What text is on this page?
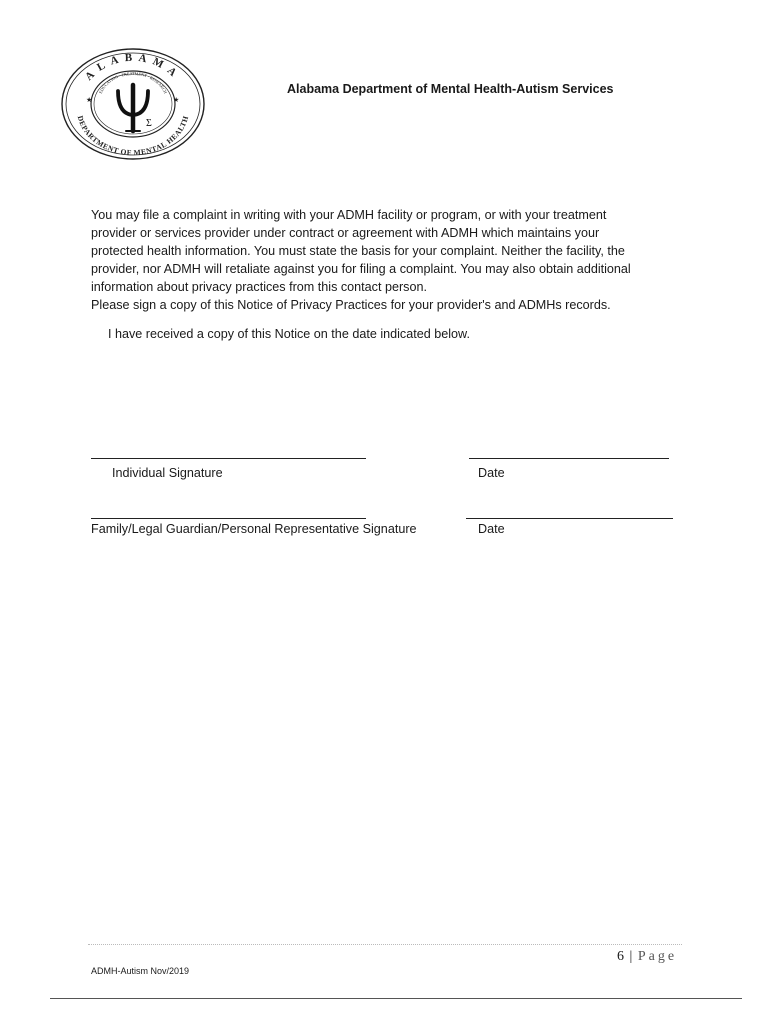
ALABAMA
DEPARTMENT OF MENTAL HEALTH
EDUCATION · TREATMENT · RESEARCH
Σ
★	★
Alabama Department of Mental Health-Autism Services
You may file a complaint in writing with your ADMH facility or program, or with your treatment
provider or services provider under contract or agreement with ADMH which maintains your
protected health information. You must state the basis for your complaint. Neither the facility, the
provider, nor ADMH will retaliate against you for filing a complaint. You may also obtain additional
information about privacy practices from this contact person.
Please sign a copy of this Notice of Privacy Practices for your provider's and ADMHs records.
I have received a copy of this Notice on the date indicated below.
Individual Signature	Date
Family/Legal Guardian/Personal Representative Signature	Date
6 | Page
ADMH-Autism Nov/2019
